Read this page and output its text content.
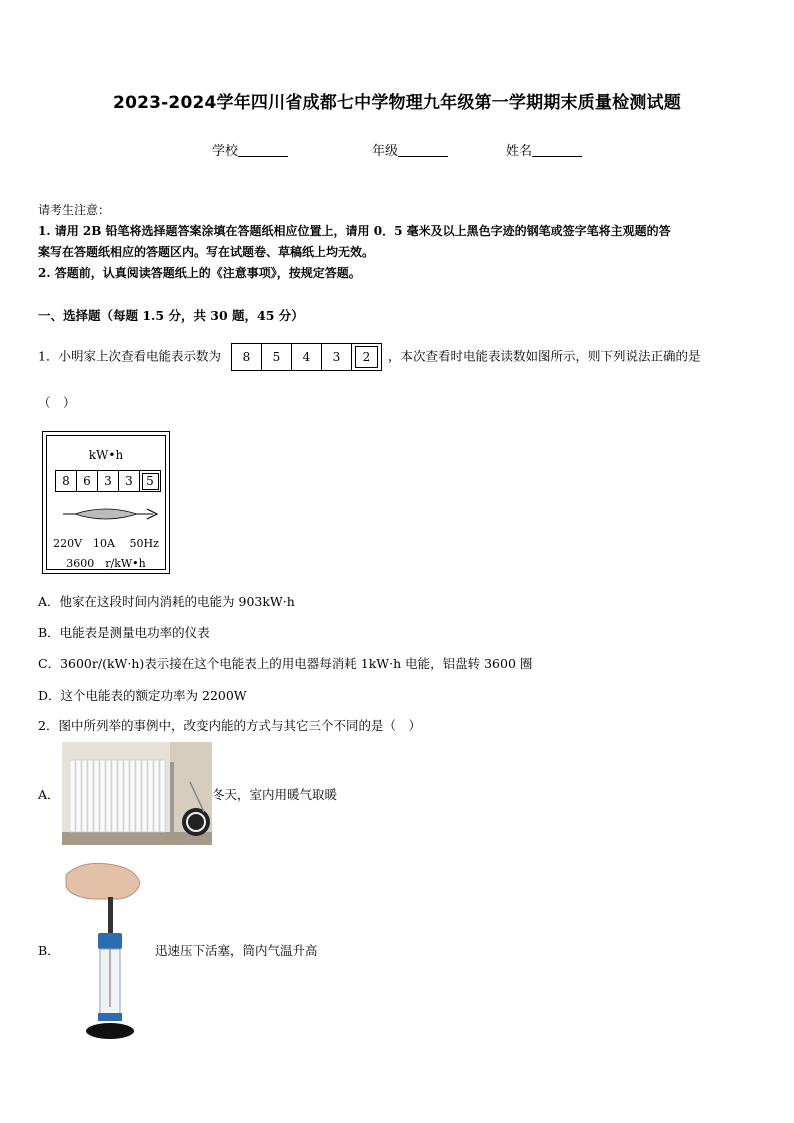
2023-2024学年四川省成都七中学物理九年级第一学期期末质量检测试题
学校	年级	姓名
请考生注意：
1. 请用 2B 铅笔将选择题答案涂填在答题纸相应位置上，请用 0．5 毫米及以上黑色字迹的钢笔或签字笔将主观题的答
案写在答题纸相应的答题区内。写在试题卷、草稿纸上均无效。
2. 答题前，认真阅读答题纸上的《注意事项》，按规定答题。
一、选择题（每题 1.5 分，共 30 题，45 分）
1．小明家上次查看电能表示数为	8	5	4	3	2	，本次查看时电能表读数如图所示，则下列说法正确的是
（　）
kW•h
8	6	3	3	5
220V　10A　 50Hz
3600　r/kW•h
A．他家在这段时间内消耗的电能为 903kW·h
B．电能表是测量电功率的仪表
C．3600r/(kW·h)表示接在这个电能表上的用电器每消耗 1kW·h 电能，铝盘转 3600 圈
D．这个电能表的额定功率为 2200W
2．图中所列举的事例中，改变内能的方式与其它三个不同的是（　）
A．	冬天，室内用暖气取暖
B．	迅速压下活塞，筒内气温升高
